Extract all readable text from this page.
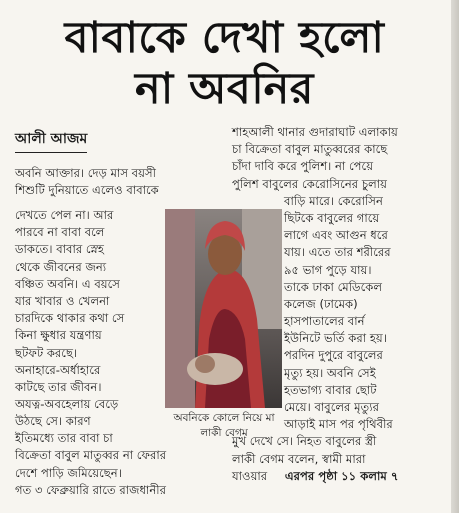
বাবাকে দেখা হলো
না অবনির
আলী আজম
অবনি আক্তার। দেড় মাস বয়সী
শিশুটি দুনিয়াতে এলেও বাবাকে
দেখতে পেল না। আর
পারবে না বাবা বলে
ডাকতে। বাবার স্নেহ
থেকে জীবনের জন্য
বঞ্চিত অবনি। এ বয়সে
যার খাবার ও খেলনা
চারদিকে থাকার কথা সে
কিনা ক্ষুধার যন্ত্রণায়
ছটফট করছে।
অনাহারে-অর্ধাহারে
কাটছে তার জীবন।
অযত্ন-অবহেলায় বেড়ে
উঠছে সে। কারণ
ইতিমধ্যে তার বাবা চা
বিক্রেতা বাবুল মাতুব্বর না ফেরার
দেশে পাড়ি জমিয়েছেন।
গত ৩ ফেব্রুয়ারি রাতে রাজধানীর
অবনিকে কোলে নিয়ে মা
লাকী বেগম
শাহআলী থানার গুদারাঘাট এলাকায়
চা বিক্রেতা বাবুল মাতুব্বরের কাছে
চাঁদা দাবি করে পুলিশ। না পেয়ে
পুলিশ বাবুলের কেরোসিনের চুলায়
বাড়ি মারে। কেরোসিন
ছিটকে বাবুলের গায়ে
লাগে এবং আগুন ধরে
যায়। এতে তার শরীরের
৯৫ ভাগ পুড়ে যায়।
তাকে ঢাকা মেডিকেল
কলেজ (ঢামেক)
হাসপাতালের বার্ন
ইউনিটে ভর্তি করা হয়।
পরদিন দুপুরে বাবুলের
মৃত্যু হয়। অবনি সেই
হতভাগ্য বাবার ছোট
মেয়ে। বাবুলের মৃত্যুর
আড়াই মাস পর পৃথিবীর
মুখ দেখে সে। নিহত বাবুলের স্ত্রী
লাকী বেগম বলেন, স্বামী মারা
যাওয়ার এরপর পৃষ্ঠা ১১ কলাম ৭
